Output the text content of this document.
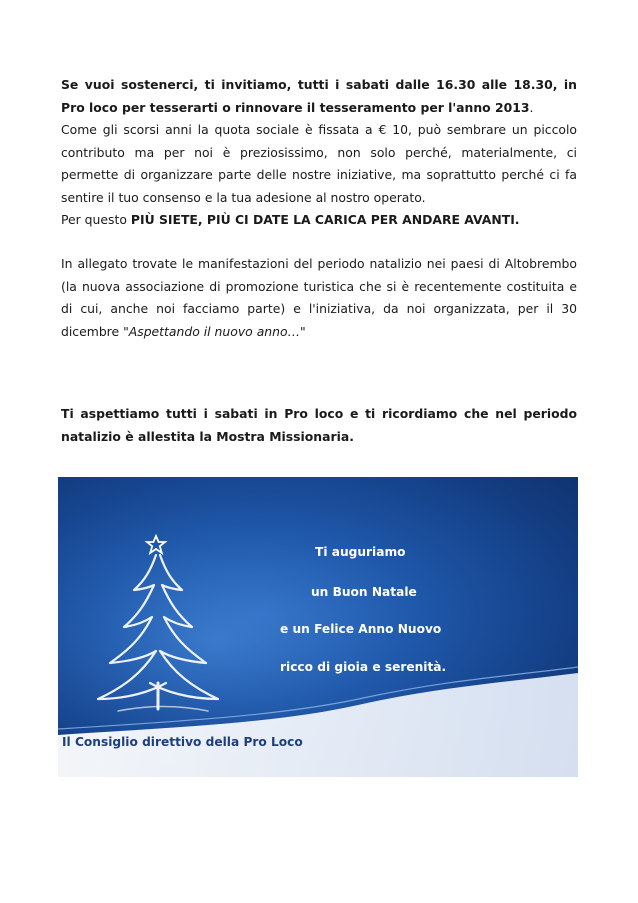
Se vuoi sostenerci, ti invitiamo, tutti i sabati dalle 16.30 alle 18.30, in Pro loco per tesserarti o rinnovare il tesseramento per l'anno 2013.

Come gli scorsi anni la quota sociale è fissata a € 10, può sembrare un piccolo contributo ma per noi è preziosissimo, non solo perché, materialmente, ci permette di organizzare parte delle nostre iniziative, ma soprattutto perché ci fa sentire il tuo consenso e la tua adesione al nostro operato.
Per questo PIÙ SIETE, PIÙ CI DATE LA CARICA PER ANDARE AVANTI.

In allegato trovate le manifestazioni del periodo natalizio nei paesi di Altobrembo (la nuova associazione di promozione turistica che si è recentemente costituita e di cui, anche noi facciamo parte) e l'iniziativa, da noi organizzata, per il 30 dicembre "Aspettando il nuovo anno…"

Ti aspettiamo tutti i sabati in Pro loco e ti ricordiamo che nel periodo natalizio è allestita la Mostra Missionaria.

Ti auguriamo
un Buon Natale
e un Felice Anno Nuovo
ricco di gioia e serenità.
Il Consiglio direttivo della Pro Loco
